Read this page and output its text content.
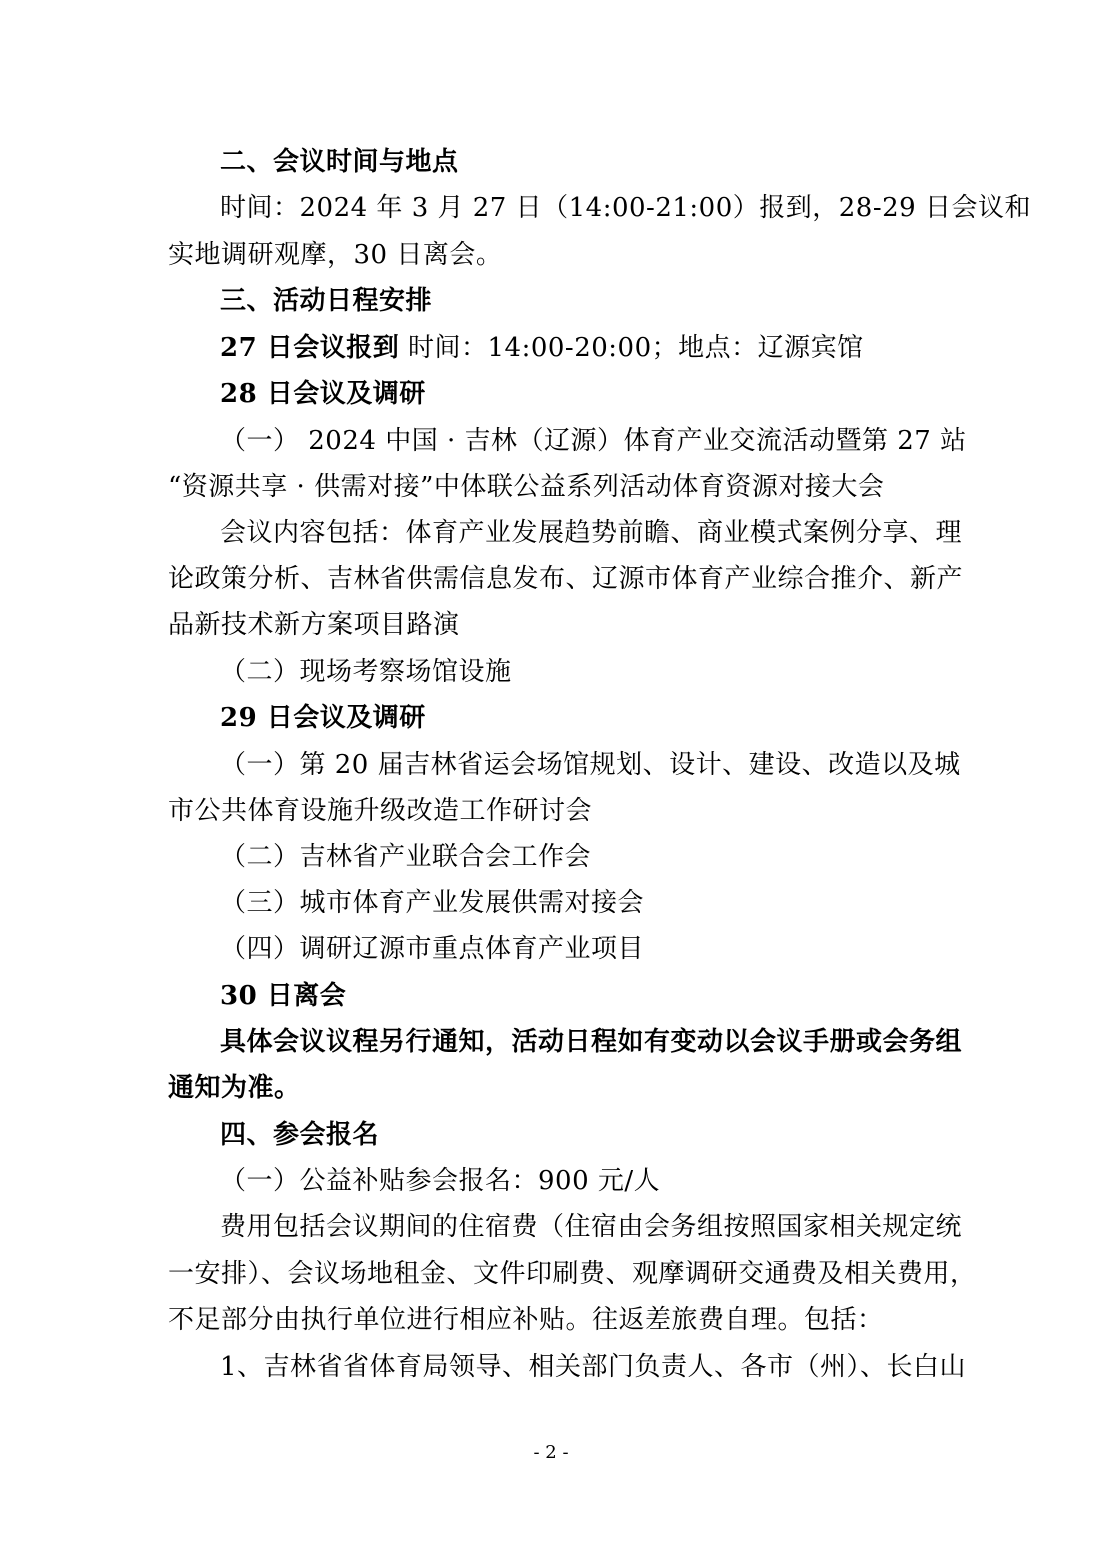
二、会议时间与地点
时间：2024 年 3 月 27 日（14:00-21:00）报到，28-29 日会议和
实地调研观摩，30 日离会。
三、活动日程安排
27 日会议报到 时间：14:00-20:00；地点：辽源宾馆
28 日会议及调研
（一） 2024 中国 · 吉林（辽源）体育产业交流活动暨第 27 站
“资源共享 · 供需对接”中体联公益系列活动体育资源对接大会
会议内容包括：体育产业发展趋势前瞻、商业模式案例分享、理
论政策分析、吉林省供需信息发布、辽源市体育产业综合推介、新产
品新技术新方案项目路演
（二）现场考察场馆设施
29 日会议及调研
（一）第 20 届吉林省运会场馆规划、设计、建设、改造以及城
市公共体育设施升级改造工作研讨会
（二）吉林省产业联合会工作会
（三）城市体育产业发展供需对接会
（四）调研辽源市重点体育产业项目
30 日离会
具体会议议程另行通知，活动日程如有变动以会议手册或会务组
通知为准。
四、参会报名
（一）公益补贴参会报名：900 元/人
费用包括会议期间的住宿费（住宿由会务组按照国家相关规定统
一安排）、会议场地租金、文件印刷费、观摩调研交通费及相关费用，
不足部分由执行单位进行相应补贴。往返差旅费自理。包括：
1、吉林省省体育局领导、相关部门负责人、各市（州）、长白山
- 2 -
